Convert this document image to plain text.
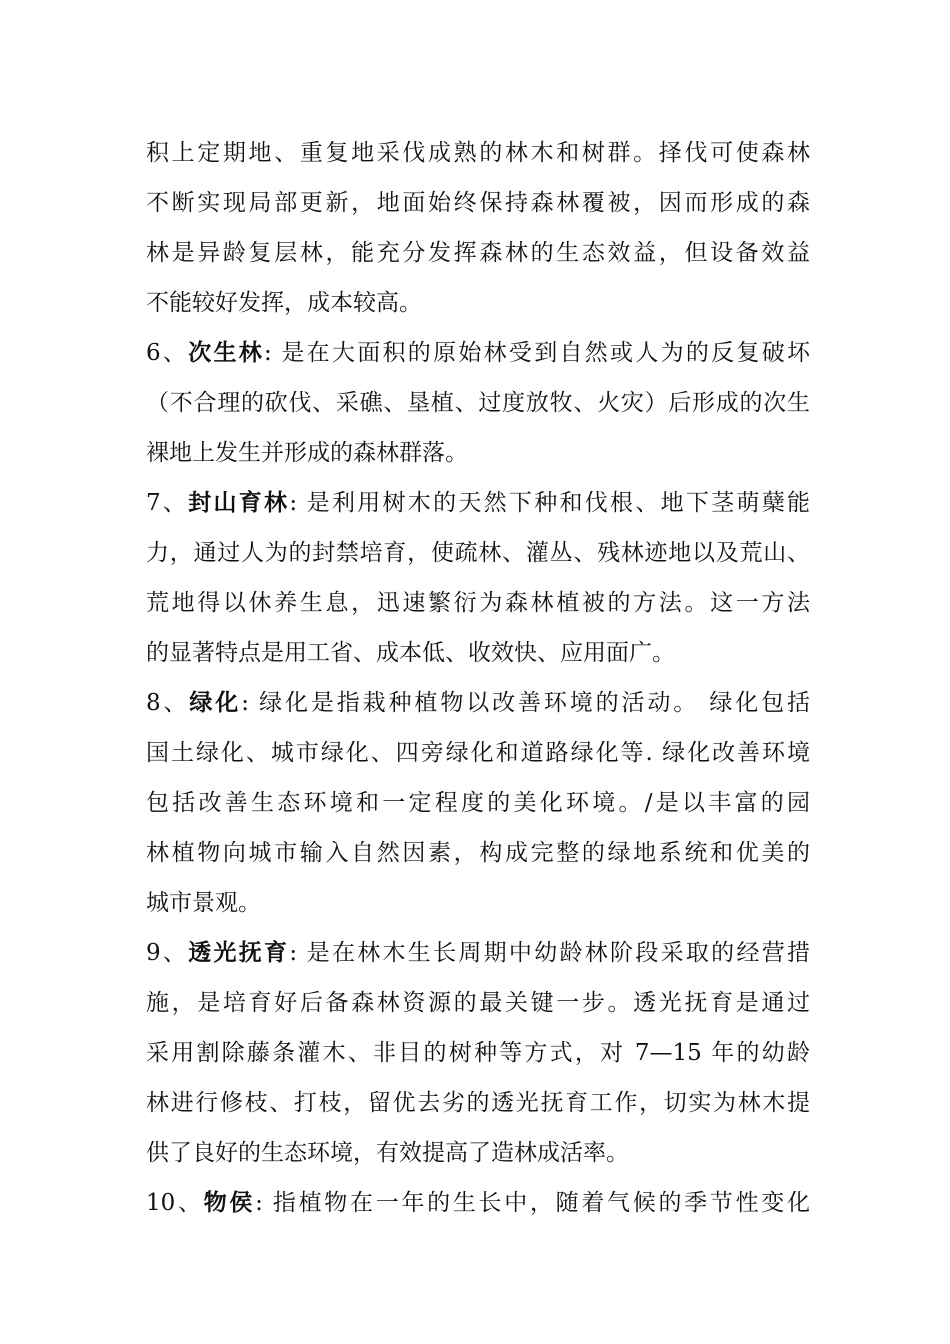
积上定期地、重复地采伐成熟的林木和树群。择伐可使森林
不断实现局部更新，地面始终保持森林覆被，因而形成的森
林是异龄复层林，能充分发挥森林的生态效益，但设备效益
不能较好发挥，成本较高。
6、次生林: 是在大面积的原始林受到自然或人为的反复破坏
（不合理的砍伐、采礁、垦植、过度放牧、火灾）后形成的次生
裸地上发生并形成的森林群落。
7、封山育林: 是利用树木的天然下种和伐根、地下茎萌蘖能
力，通过人为的封禁培育，使疏林、灌丛、残林迹地以及荒山、
荒地得以休养生息，迅速繁衍为森林植被的方法。这一方法
的显著特点是用工省、成本低、收效快、应用面广。
8、绿化: 绿化是指栽种植物以改善环境的活动。 绿化包括
国土绿化、城市绿化、四旁绿化和道路绿化等. 绿化改善环境
包括改善生态环境和一定程度的美化环境。/是以丰富的园
林植物向城市输入自然因素，构成完整的绿地系统和优美的
城市景观。
9、透光抚育: 是在林木生长周期中幼龄林阶段采取的经营措
施，是培育好后备森林资源的最关键一步。透光抚育是通过
采用割除藤条灌木、非目的树种等方式，对 7—15 年的幼龄
林进行修枝、打枝，留优去劣的透光抚育工作，切实为林木提
供了良好的生态环境，有效提高了造林成活率。
10、物侯: 指植物在一年的生长中，随着气候的季节性变化
